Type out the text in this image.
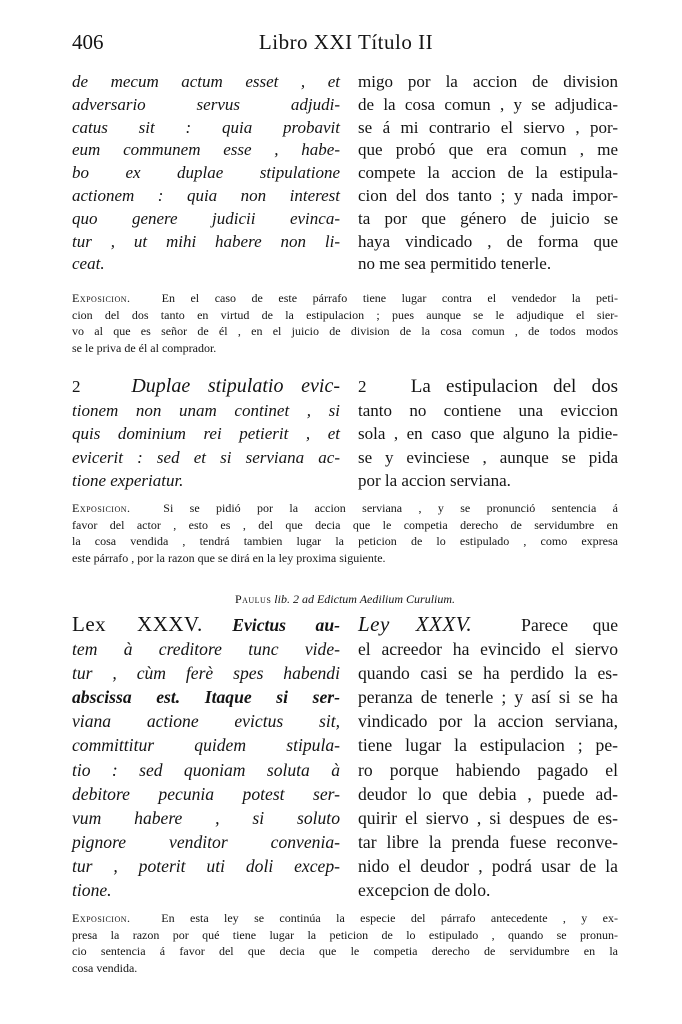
406	Libro XXI Título II
de mecum actum esset , et
adversario servus adjudi-
catus sit : quia probavit
eum communem esse , habe-
bo ex duplae stipulatione
actionem : quia non interest
quo genere judicii evinca-
tur , ut mihi habere non li-
ceat.
migo por la accion de division
de la cosa comun , y se adjudica-
se á mi contrario el siervo , por-
que probó que era comun , me
compete la accion de la estipula-
cion del dos tanto ; y nada impor-
ta por que género de juicio se
haya vindicado , de forma que
no me sea permitido tenerle.
Exposicion.	En el caso de este párrafo tiene lugar contra el vendedor la peti-
cion del dos tanto en virtud de la estipulacion ; pues aunque se le adjudique el sier-
vo al que es señor de él , en el juicio de division de la cosa comun , de todos modos
se le priva de él al comprador.
2	Duplae stipulatio evic-
tionem non unam continet , si
quis dominium rei petierit , et
evicerit : sed et si serviana ac-
tione experiatur.
2 La estipulacion del dos
tanto no contiene una eviccion
sola , en caso que alguno la pidie-
se y evinciese , aunque se pida
por la accion serviana.
Exposicion.	Si se pidió por la accion serviana , y se pronunció sentencia á
favor del actor , esto es , del que decia que le competia derecho de servidumbre en
la cosa vendida , tendrá tambien lugar la peticion de lo estipulado , como expresa
este párrafo , por la razon que se dirá en la ley proxima siguiente.
Paulus lib. 2 ad Edictum Aedilium Curulium.
Lex XXXV. Evictus au-
tem à creditore tunc vide-
tur , cùm ferè spes habendi
abscissa est. Itaque si ser-
viana actione evictus sit,
committitur quidem stipula-
tio : sed quoniam soluta à
debitore pecunia potest ser-
vum habere , si soluto
pignore venditor convenia-
tur , poterit uti doli excep-
tione.
Ley XXXV.	Parece que
el acreedor ha evincido el siervo
quando casi se ha perdido la es-
peranza de tenerle ; y así si se ha
vindicado por la accion serviana,
tiene lugar la estipulacion ; pe-
ro porque habiendo pagado el
deudor lo que debia , puede ad-
quirir el siervo , si despues de es-
tar libre la prenda fuese reconve-
nido el deudor , podrá usar de la
excepcion de dolo.
Exposicion.	En esta ley se continúa la especie del párrafo antecedente , y ex-
presa la razon por qué tiene lugar la peticion de lo estipulado , quando se pronun-
cio sentencia á favor del que decia que le competia derecho de servidumbre en la
cosa vendida.
